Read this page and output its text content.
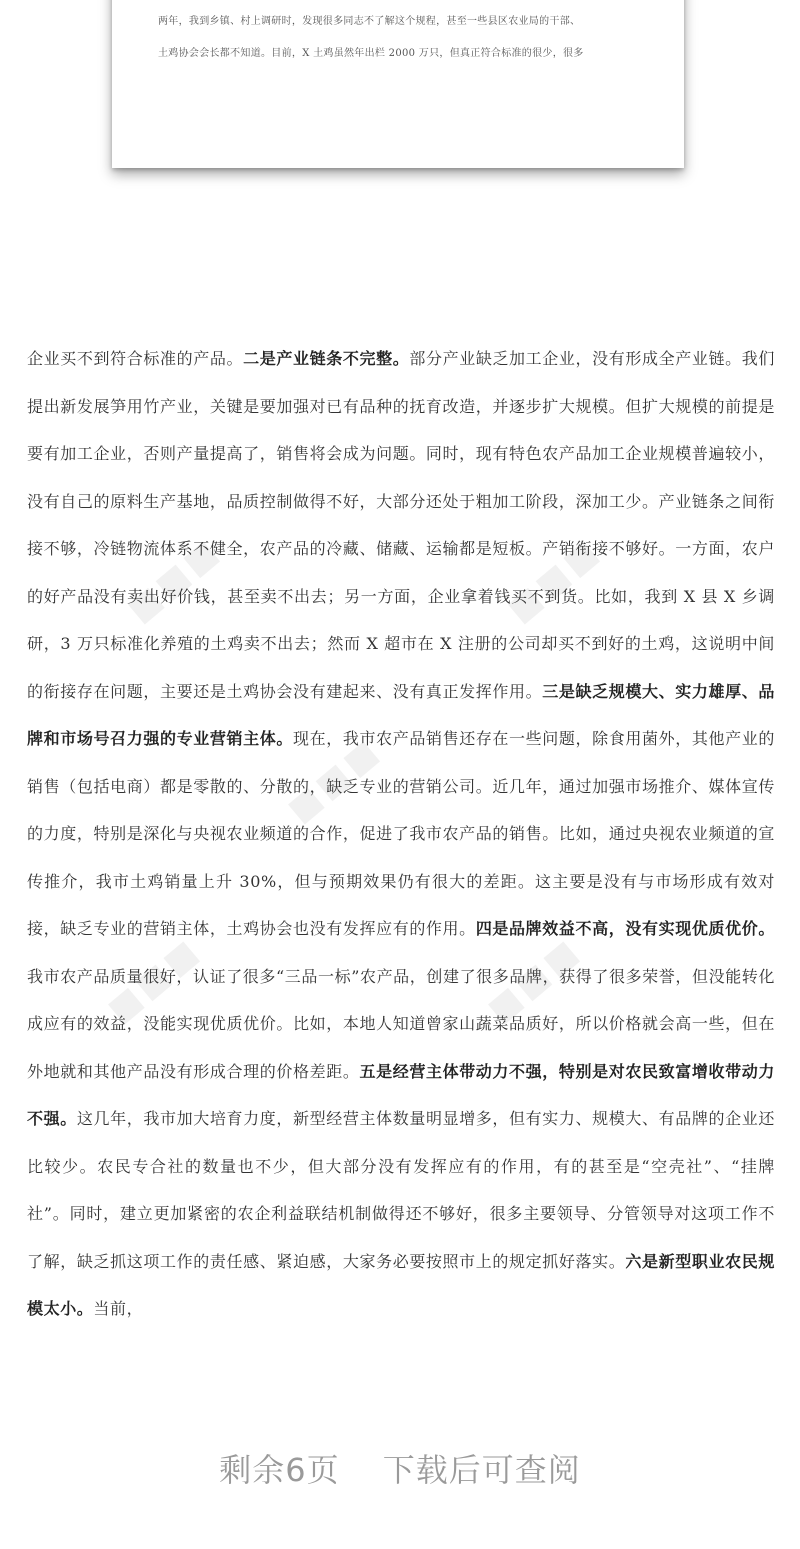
两年，我到乡镇、村上调研时，发现很多同志不了解这个规程，甚至一些县区农业局的干部、

土鸡协会会长都不知道。目前，X 土鸡虽然年出栏 2000 万只，但真正符合标准的很少，很多

■■■	■■■
■■■
■■■
■■■
企业买不到符合标准的产品。二是产业链条不完整。部分产业缺乏加工企业，没有形成全产业链。我们提出新发展笋用竹产业，关键是要加强对已有品种的抚育改造，并逐步扩大规模。但扩大规模的前提是要有加工企业，否则产量提高了，销售将会成为问题。同时，现有特色农产品加工企业规模普遍较小，没有自己的原料生产基地，品质控制做得不好，大部分还处于粗加工阶段，深加工少。产业链条之间衔接不够，冷链物流体系不健全，农产品的冷藏、储藏、运输都是短板。产销衔接不够好。一方面，农户的好产品没有卖出好价钱，甚至卖不出去；另一方面，企业拿着钱买不到货。比如，我到 X 县 X 乡调研，3 万只标准化养殖的土鸡卖不出去；然而 X 超市在 X 注册的公司却买不到好的土鸡，这说明中间的衔接存在问题，主要还是土鸡协会没有建起来、没有真正发挥作用。三是缺乏规模大、实力雄厚、品牌和市场号召力强的专业营销主体。现在，我市农产品销售还存在一些问题，除食用菌外，其他产业的销售（包括电商）都是零散的、分散的，缺乏专业的营销公司。近几年，通过加强市场推介、媒体宣传的力度，特别是深化与央视农业频道的合作，促进了我市农产品的销售。比如，通过央视农业频道的宣传推介，我市土鸡销量上升 30%，但与预期效果仍有很大的差距。这主要是没有与市场形成有效对接，缺乏专业的营销主体，土鸡协会也没有发挥应有的作用。四是品牌效益不高，没有实现优质优价。我市农产品质量很好，认证了很多“三品一标”农产品，创建了很多品牌，获得了很多荣誉，但没能转化成应有的效益，没能实现优质优价。比如，本地人知道曾家山蔬菜品质好，所以价格就会高一些，但在外地就和其他产品没有形成合理的价格差距。五是经营主体带动力不强，特别是对农民致富增收带动力不强。这几年，我市加大培育力度，新型经营主体数量明显增多，但有实力、规模大、有品牌的企业还比较少。农民专合社的数量也不少，但大部分没有发挥应有的作用，有的甚至是“空壳社”、“挂牌社”。同时，建立更加紧密的农企利益联结机制做得还不够好，很多主要领导、分管领导对这项工作不了解，缺乏抓这项工作的责任感、紧迫感，大家务必要按照市上的规定抓好落实。六是新型职业农民规模太小。当前，
剩余6页 下载后可查阅
